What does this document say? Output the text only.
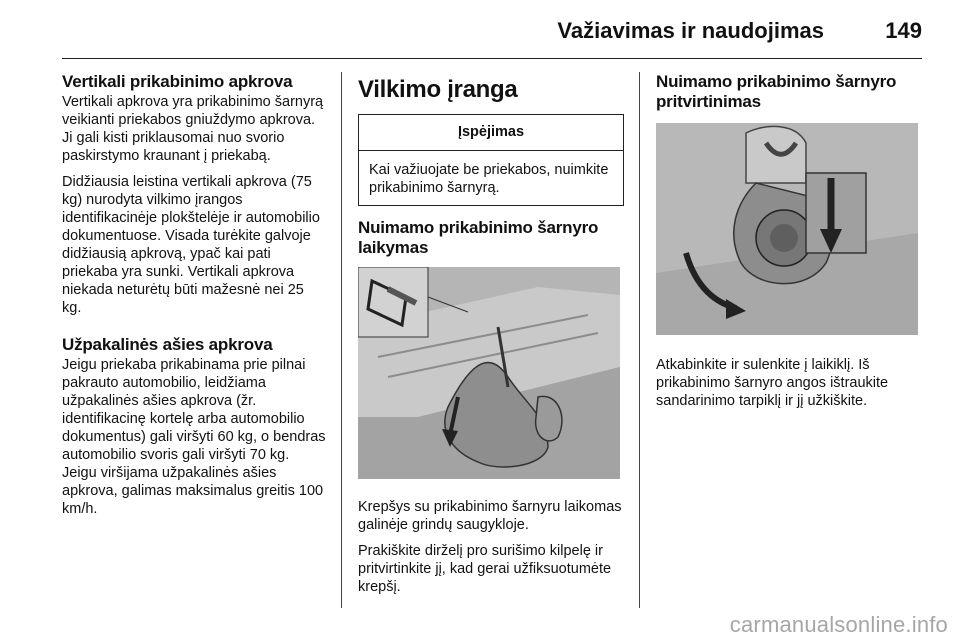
Važiavimas ir naudojimas	149
Vertikali prikabinimo apkrova

Vertikali apkrova yra prikabinimo šarnyrą veikianti priekabos gniuždymo apkrova. Ji gali kisti priklausomai nuo svorio paskirstymo kraunant į priekabą.

Didžiausia leistina vertikali apkrova (75 kg) nurodyta vilkimo įrangos identifikacinėje plokštelėje ir automobilio dokumentuose. Visada turėkite galvoje didžiausią apkrovą, ypač kai pati priekaba yra sunki. Vertikali apkrova niekada neturėtų būti mažesnė nei 25 kg.

Užpakalinės ašies apkrova

Jeigu priekaba prikabinama prie pilnai pakrauto automobilio, leidžiama užpakalinės ašies apkrova (žr. identifikacinę kortelę arba automobilio dokumentus) gali viršyti 60 kg, o bendras automobilio svoris gali viršyti 70 kg. Jeigu viršijama užpakalinės ašies apkrova, galimas maksimalus greitis 100 km/h.

Vilkimo įranga
Įspėjimas
Kai važiuojate be priekabos, nuimkite prikabinimo šarnyrą.
Nuimamo prikabinimo šarnyro laikymas

Krepšys su prikabinimo šarnyru laikomas galinėje grindų saugykloje.

Prakiškite dirželį pro surišimo kilpelę ir pritvirtinkite jį, kad gerai užfiksuotumėte krepšį.

Nuimamo prikabinimo šarnyro pritvirtinimas

Atkabinkite ir sulenkite į laikiklį. Iš prikabinimo šarnyro angos ištraukite sandarinimo tarpiklį ir jį užkiškite.

carmanualsonline.info
